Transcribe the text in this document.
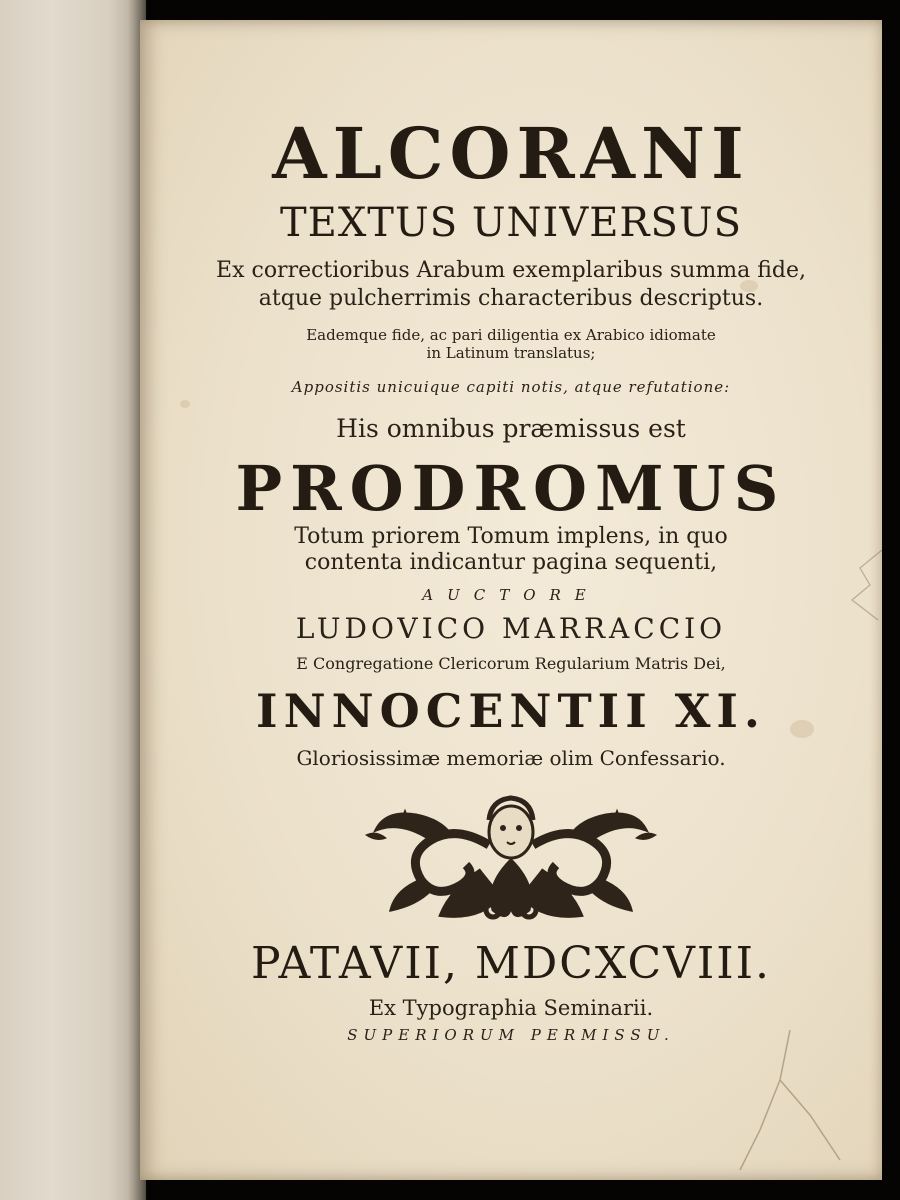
ALCORANI
TEXTUS UNIVERSUS
Ex correctioribus Arabum exemplaribus summa fide,
atque pulcherrimis characteribus descriptus.
Eademque fide, ac pari diligentia ex Arabico idiomate
in Latinum translatus;
Appositis unicuique capiti notis, atque refutatione:
His omnibus præmissus est
PRODROMUS
Totum priorem Tomum implens, in quo
contenta indicantur pagina sequenti,
AUCTORE
LUDOVICO MARRACCIO
E Congregatione Clericorum Regularium Matris Dei,
INNOCENTII XI.
Gloriosissimæ memoriæ olim Confessario.
PATAVII, MDCXCVIII.
Ex Typographia Seminarii.
SUPERIORUM PERMISSU.
